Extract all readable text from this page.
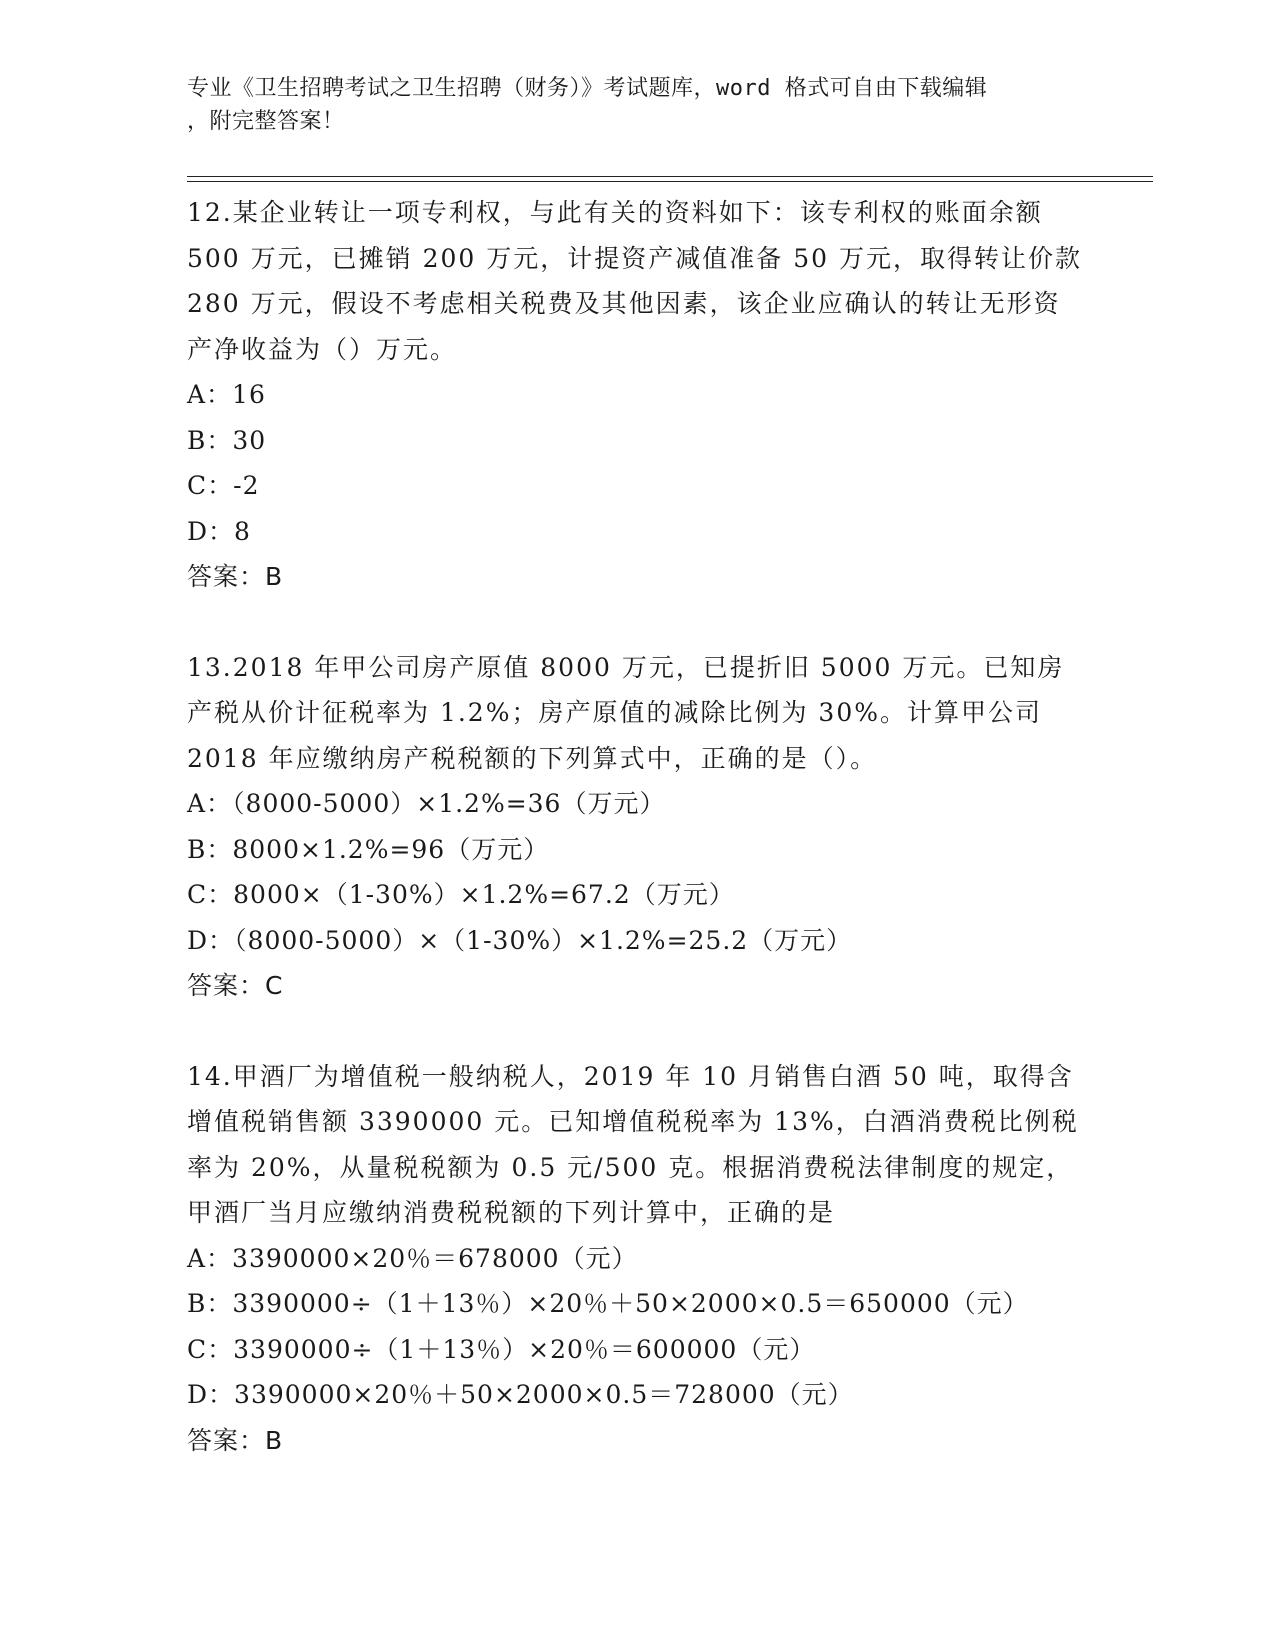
专业《卫生招聘考试之卫生招聘（财务）》考试题库，word 格式可自由下载编辑
，附完整答案！

12.某企业转让一项专利权，与此有关的资料如下：该专利权的账面余额 500 万元，已摊销 200 万元，计提资产减值准备 50 万元，取得转让价款 280 万元，假设不考虑相关税费及其他因素，该企业应确认的转让无形资产净收益为（）万元。

A：16

B：30

C：-2

D：8

答案：B

13.2018 年甲公司房产原值 8000 万元，已提折旧 5000 万元。已知房产税从价计征税率为 1.2%；房产原值的减除比例为 30%。计算甲公司 2018 年应缴纳房产税税额的下列算式中，正确的是（）。

A：（8000-5000）×1.2%=36（万元）

B：8000×1.2%=96（万元）

C：8000×（1-30%）×1.2%=67.2（万元）

D：（8000-5000）×（1-30%）×1.2%=25.2（万元）

答案：C

14.甲酒厂为增值税一般纳税人，2019 年 10 月销售白酒 50 吨，取得含增值税销售额 3390000 元。已知增值税税率为 13%，白酒消费税比例税率为 20%，从量税税额为 0.5 元/500 克。根据消费税法律制度的规定，甲酒厂当月应缴纳消费税税额的下列计算中，正确的是

A：3390000×20％＝678000（元）

B：3390000÷（1＋13％）×20％＋50×2000×0.5＝650000（元）

C：3390000÷（1＋13％）×20％＝600000（元）

D：3390000×20％＋50×2000×0.5＝728000（元）

答案：B
